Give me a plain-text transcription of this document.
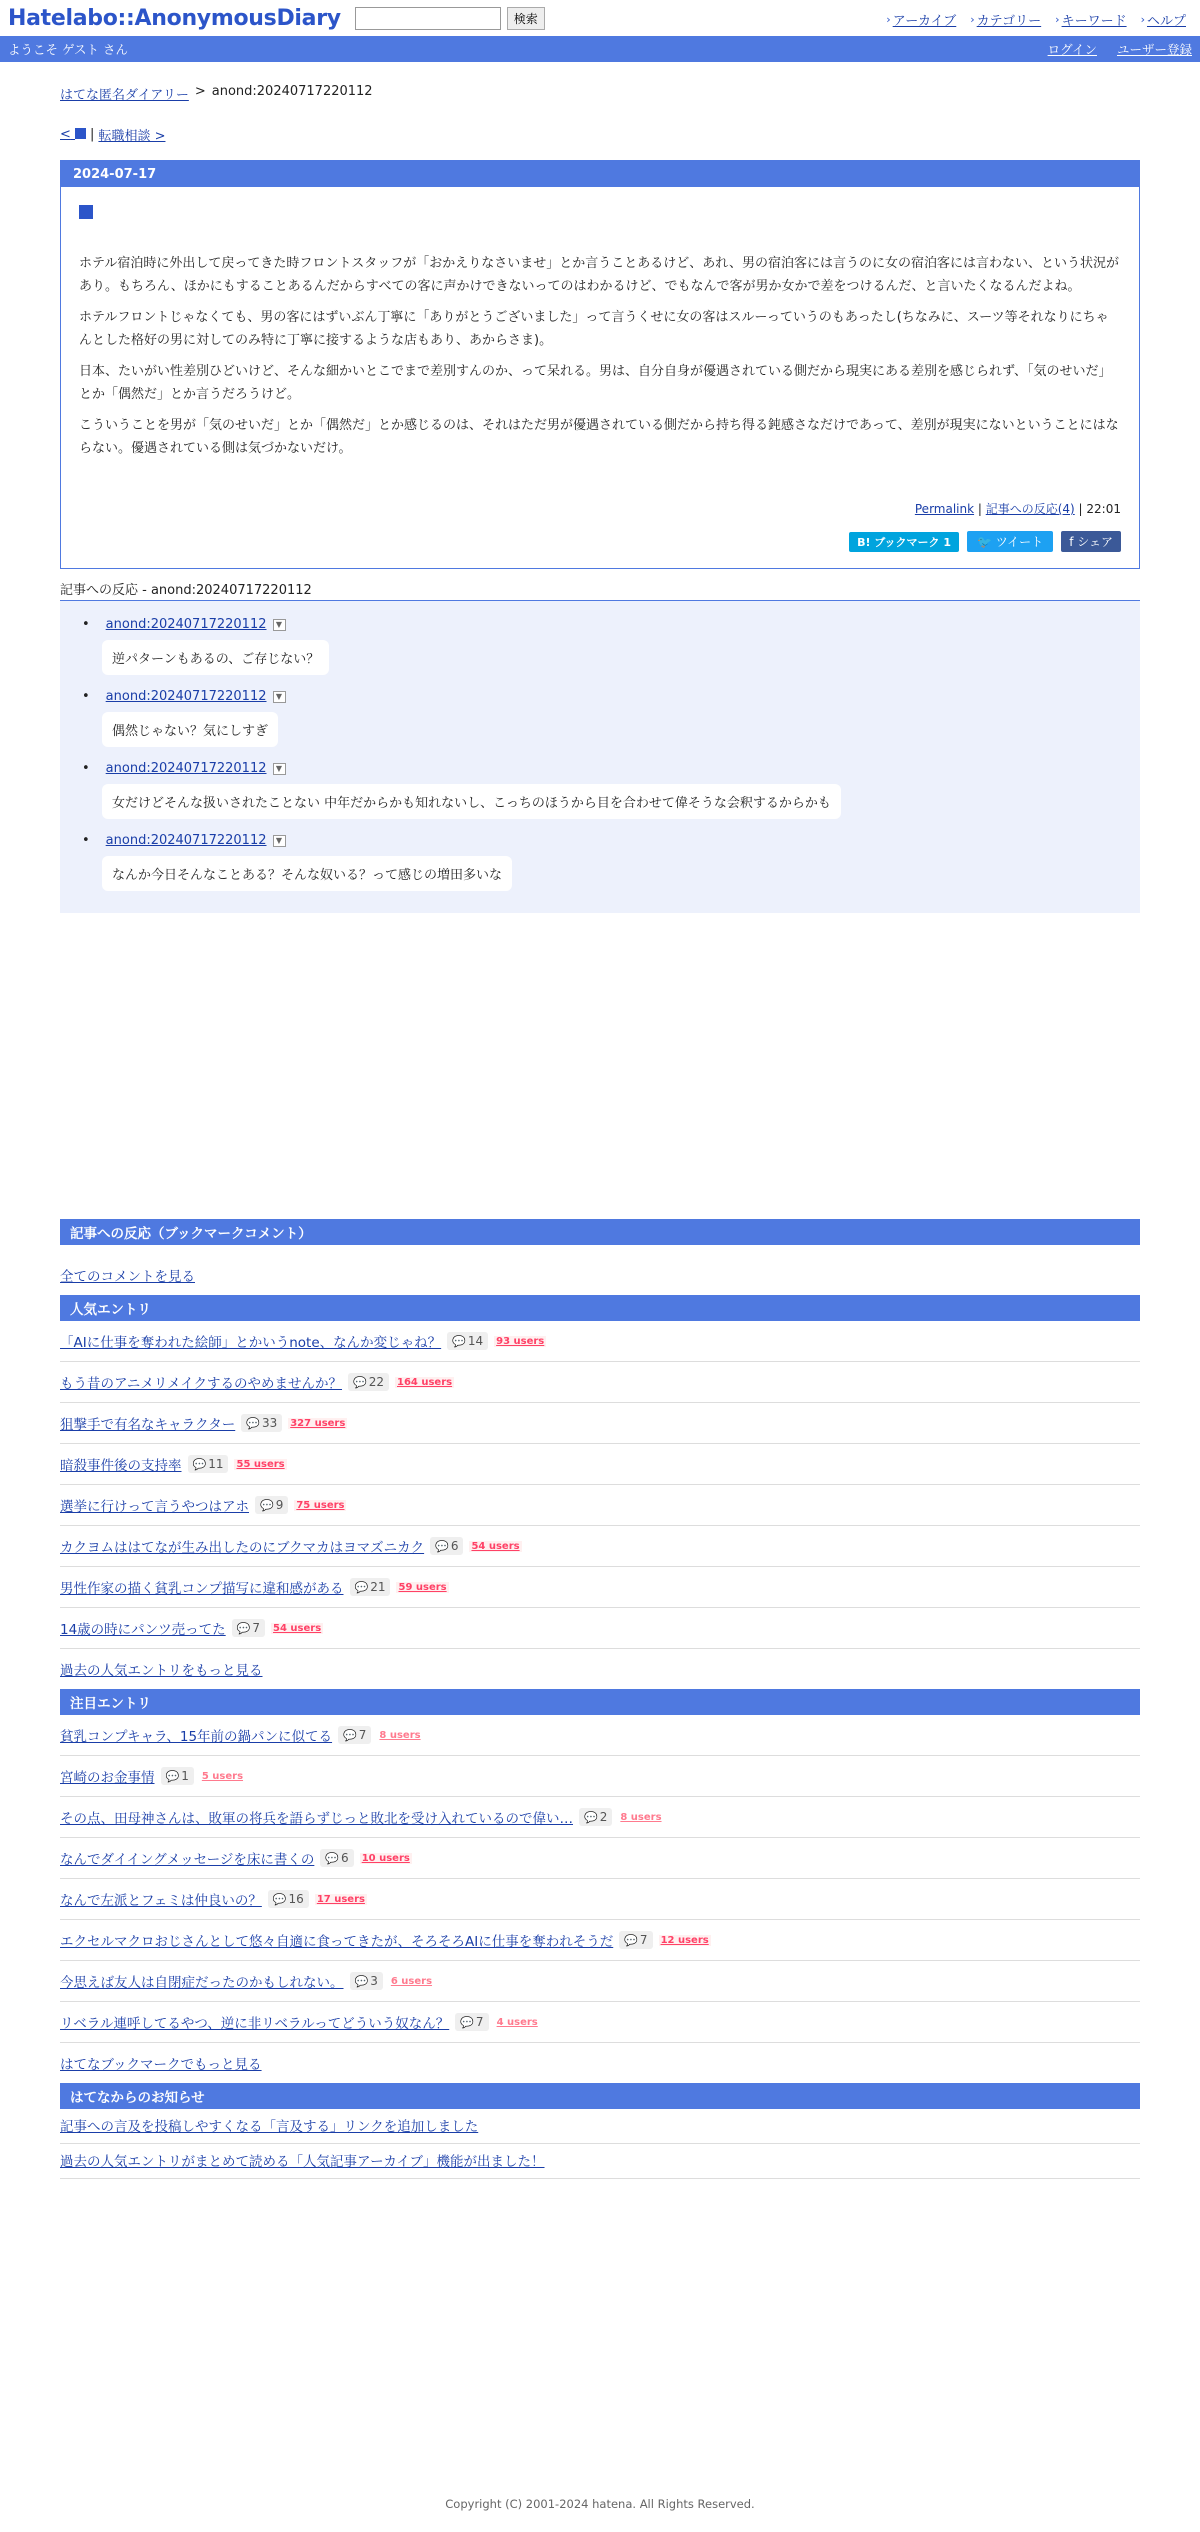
Hatelabo::AnonymousDiary	検索	› アーカイブ › カテゴリー › キーワード › ヘルプ
ようこそ ゲスト さん	ログイン ユーザー登録
はてな匿名ダイアリー > anond:20240717220112
<	| 転職相談 >
2024-07-17

ホテル宿泊時に外出して戻ってきた時フロントスタッフが「おかえりなさいませ」とか言うことあるけど、あれ、男の宿泊客には言うのに女の宿泊客には言わない、という状況があり。もちろん、ほかにもすることあるんだからすべての客に声かけできないってのはわかるけど、でもなんで客が男か女かで差をつけるんだ、と言いたくなるんだよね。

ホテルフロントじゃなくても、男の客にはずいぶん丁寧に「ありがとうございました」って言うくせに女の客はスルーっていうのもあったし(ちなみに、スーツ等それなりにちゃんとした格好の男に対してのみ特に丁寧に接するような店もあり、あからさま)。

日本、たいがい性差別ひどいけど、そんな細かいとこでまで差別すんのか、って呆れる。男は、自分自身が優遇されている側だから現実にある差別を感じられず、「気のせいだ」とか「偶然だ」とか言うだろうけど。

こういうことを男が「気のせいだ」とか「偶然だ」とか感じるのは、それはただ男が優遇されている側だから持ち得る鈍感さなだけであって、差別が現実にないということにはならない。優遇されている側は気づかないだけ。

Permalink | 記事への反応(4) | 22:01
B! ブックマーク 1	🐦 ツイート	f シェア
記事への反応 - anond:20240717220112
• anond:20240717220112	▼
逆パターンもあるの、ご存じない？
• anond:20240717220112	▼
偶然じゃない？気にしすぎ
• anond:20240717220112	▼
女だけどそんな扱いされたことない 中年だからかも知れないし、こっちのほうから目を合わせて偉そうな会釈するからかも
• anond:20240717220112	▼
なんか今日そんなことある？そんな奴いる？って感じの増田多いな
記事への反応（ブックマークコメント）
全てのコメントを見る
人気エントリ
「AIに仕事を奪われた絵師」とかいうnote、なんか変じゃね？ 💬 14 93 users
もう昔のアニメリメイクするのやめませんか？ 💬 22 164 users
狙撃手で有名なキャラクター 💬 33 327 users
暗殺事件後の支持率 💬 11 55 users
選挙に行けって言うやつはアホ 💬 9 75 users
カクヨムははてなが生み出したのにブクマカはヨマズニカク 💬 6 54 users
男性作家の描く貧乳コンプ描写に違和感がある 💬 21 59 users
14歳の時にパンツ売ってた 💬 7 54 users
過去の人気エントリをもっと見る
注目エントリ
貧乳コンプキャラ、15年前の鍋パンに似てる 💬 7 8 users
宮崎のお金事情 💬 1 5 users
その点、田母神さんは、敗軍の将兵を語らずじっと敗北を受け入れているので偉い… 💬 2 8 users
なんでダイイングメッセージを床に書くの 💬 6 10 users
なんで左派とフェミは仲良いの？ 💬 16 17 users
エクセルマクロおじさんとして悠々自適に食ってきたが、そろそろAIに仕事を奪われそうだ 💬 7 12 users
今思えば友人は自閉症だったのかもしれない。 💬 3 6 users
リベラル連呼してるやつ、逆に非リベラルってどういう奴なん？ 💬 7 4 users
はてなブックマークでもっと見る
はてなからのお知らせ
記事への言及を投稿しやすくなる「言及する」リンクを追加しました
過去の人気エントリがまとめて読める「人気記事アーカイブ」機能が出ました！
Copyright (C) 2001-2024 hatena. All Rights Reserved.
